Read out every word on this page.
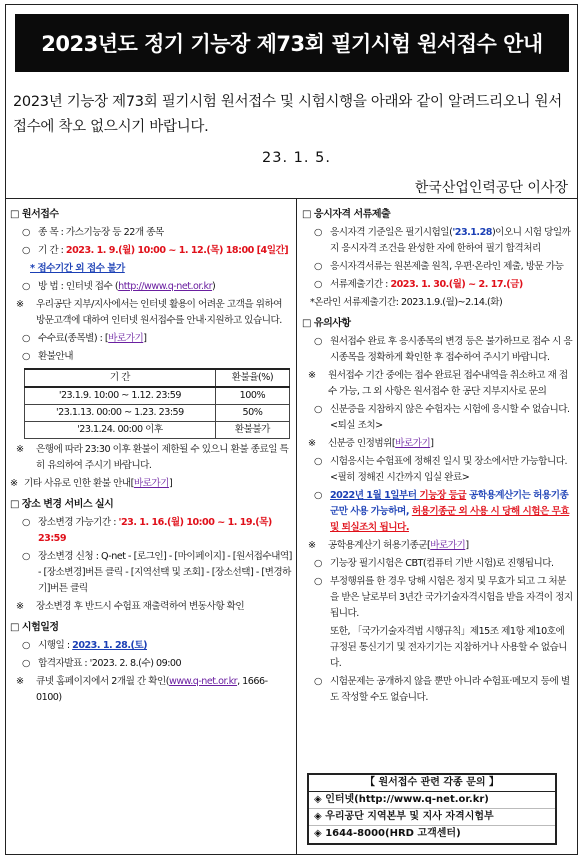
2023년도 정기 기능장 제73회 필기시험 원서접수 안내
2023년 기능장 제73회 필기시험 원서접수 및 시험시행을 아래와 같이 알려드리오니 원서접수에 착오 없으시기 바랍니다.
23. 1. 5.
한국산업인력공단 이사장
□ 원서접수
○ 종 목 : 가스기능장 등 22개 종목
○ 기 간 : 2023. 1. 9.(월) 10:00 ~ 1. 12.(목) 18:00 [4일간]
* 접수기간 외 접수 불가
○ 방 법 : 인터넷 접수 (http://www.q-net.or.kr)
※ 우리공단 지부/지사에서는 인터넷 활용이 어려운 고객을 위하여 방문고객에 대하여 인터넷 원서접수를 안내·지원하고 있습니다.
○ 수수료(종목별) : [바로가기]
○ 환불안내
기 간	환불율(%)
'23.1.9. 10:00 ~ 1.12. 23:59	100%
'23.1.13. 00:00 ~ 1.23. 23:59	50%
'23.1.24. 00:00 이후	환불불가
※ 은행에 따라 23:30 이후 환불이 제한될 수 있으니 환불 종료일 특히 유의하여 주시기 바랍니다.
※ 기타 사유로 인한 환불 안내[바로가기]
□ 장소 변경 서비스 실시
○ 장소변경 가능기간 : '23. 1. 16.(월) 10:00 ~ 1. 19.(목) 23:59
○ 장소변경 신청 : Q-net - [로그인] - [마이페이지] - [원서접수내역] - [장소변경]버튼 클릭 - [지역선택 및 조회] - [장소선택] - [변경하기]버튼 클릭
※ 장소변경 후 반드시 수험표 재출력하여 변동사항 확인
□ 시험일정
○ 시행일 : 2023. 1. 28.(토)
○ 합격자발표 : '2023. 2. 8.(수) 09:00
※ 큐넷 홈페이지에서 2개월 간 확인(www.q-net.or.kr, 1666-0100)
□ 응시자격 서류제출
○ 응시자격 기준일은 필기시험일('23.1.28)이오니 시험 당일까지 응시자격 조건을 완성한 자에 한하여 필기 합격처리
○ 응시자격서류는 원본제출 원칙, 우편·온라인 제출, 방문 가능
○ 서류제출기간 : 2023. 1. 30.(월) ~ 2. 17.(금)
*온라인 서류제출기간: 2023.1.9.(월)~2.14.(화)
□ 유의사항
○ 원서접수 완료 후 응시종목의 변경 등은 불가하므로 접수 시 응시종목을 정확하게 확인한 후 접수하여 주시기 바랍니다.
※ 원서접수 기간 중에는 접수 완료된 접수내역을 취소하고 재 접수 가능, 그 외 사항은 원서접수 한 공단 지부지사로 문의
○ 신분증을 지참하지 않은 수험자는 시험에 응시할 수 없습니다. <퇴실 조치>
※ 신분증 인정범위[바로가기]
○ 시험응시는 수험표에 정해진 일시 및 장소에서만 가능합니다. <필히 정해진 시간까지 입실 완료>
○ 2022년 1월 1일부터 기능장 등급 공학용계산기는 허용기종군만 사용 가능하며, 허용기종군 외 사용 시 당해 시험은 무효 및 퇴실조치 됩니다.
※ 공학용계산기 허용기종군[바로가기]
○ 기능장 필기시험은 CBT(컴퓨터 기반 시험)로 진행됩니다.
○ 부정행위를 한 경우 당해 시험은 정지 및 무효가 되고 그 처분을 받은 날로부터 3년간 국가기술자격시험을 받을 자격이 정지됩니다.
또한, 「국가기술자격법 시행규칙」제15조 제1항 제10호에 규정된 통신기기 및 전자기기는 지참하거나 사용할 수 없습니다.
○ 시험문제는 공개하지 않을 뿐만 아니라 수험표·메모지 등에 별도 작성할 수도 없습니다.
【 원서접수 관련 각종 문의 】
◈ 인터넷(http://www.q-net.or.kr)
◈ 우리공단 지역본부 및 지사 자격시험부
◈ 1644-8000(HRD 고객센터)
